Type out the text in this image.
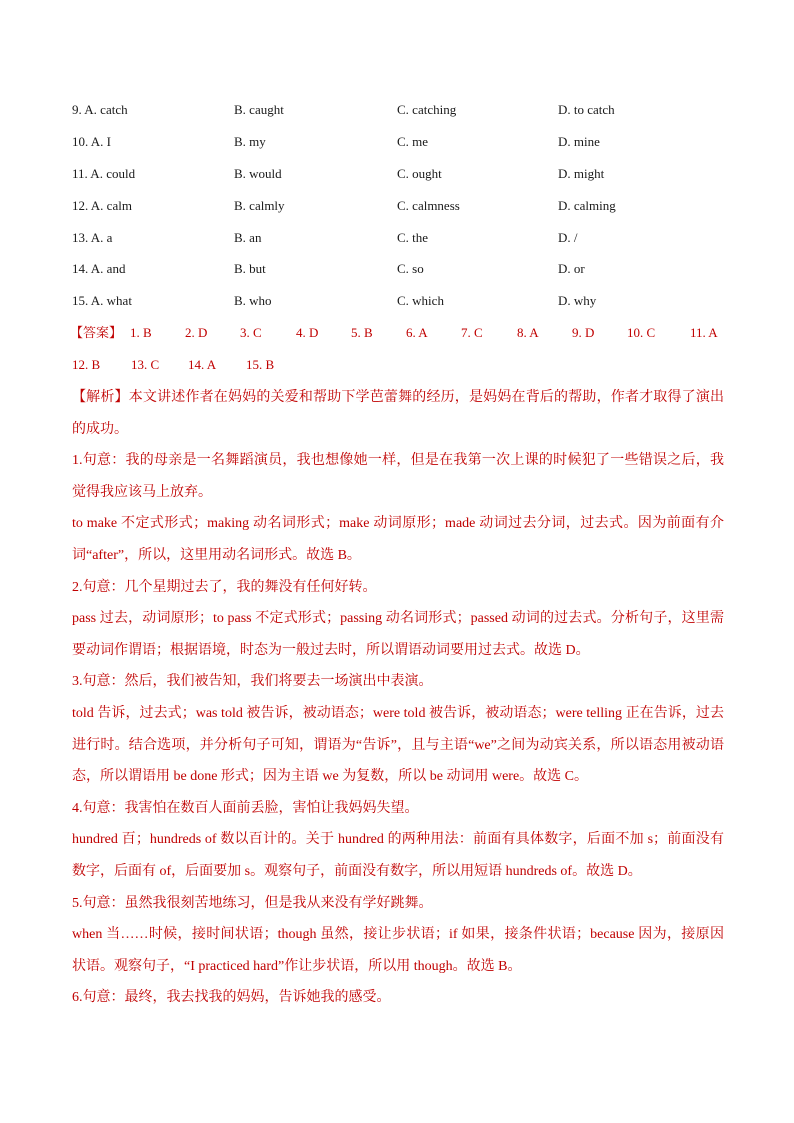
9. A. catch	B. caught	C. catching	D. to catch
10. A. I	B. my	C. me	D. mine
11. A. could	B. would	C. ought	D. might
12. A. calm	B. calmly	C. calmness	D. calming
13. A. a	B. an	C. the	D. /
14. A. and	B. but	C. so	D. or
15. A. what	B. who	C. which	D. why
【答案】 1. B	2. D	3. C	4. D	5. B	6. A	7. C	8. A	9. D	10. C	11. A
12. B 13. C 14. A 15. B

【解析】本文讲述作者在妈妈的关爱和帮助下学芭蕾舞的经历，是妈妈在背后的帮助，作者才取得了演出的成功。

1.句意：我的母亲是一名舞蹈演员，我也想像她一样，但是在我第一次上课的时候犯了一些错误之后，我觉得我应该马上放弃。

to make 不定式形式；making 动名词形式；make 动词原形；made 动词过去分词，过去式。因为前面有介词“after”，所以，这里用动名词形式。故选 B。

2.句意：几个星期过去了，我的舞没有任何好转。

pass 过去，动词原形；to pass 不定式形式；passing 动名词形式；passed 动词的过去式。分析句子，这里需要动词作谓语；根据语境，时态为一般过去时，所以谓语动词要用过去式。故选 D。

3.句意：然后，我们被告知，我们将要去一场演出中表演。

told 告诉，过去式；was told 被告诉，被动语态；were told 被告诉，被动语态；were telling 正在告诉，过去进行时。结合选项，并分析句子可知，谓语为“告诉”，且与主语“we”之间为动宾关系，所以语态用被动语态，所以谓语用 be done 形式；因为主语 we 为复数，所以 be 动词用 were。故选 C。

4.句意：我害怕在数百人面前丢脸，害怕让我妈妈失望。

hundred 百；hundreds of 数以百计的。关于 hundred 的两种用法：前面有具体数字，后面不加 s；前面没有数字，后面有 of，后面要加 s。观察句子，前面没有数字，所以用短语 hundreds of。故选 D。

5.句意：虽然我很刻苦地练习，但是我从来没有学好跳舞。

when 当……时候，接时间状语；though 虽然，接让步状语；if 如果，接条件状语；because 因为，接原因状语。观察句子，“I practiced hard”作让步状语，所以用 though。故选 B。

6.句意：最终，我去找我的妈妈，告诉她我的感受。
